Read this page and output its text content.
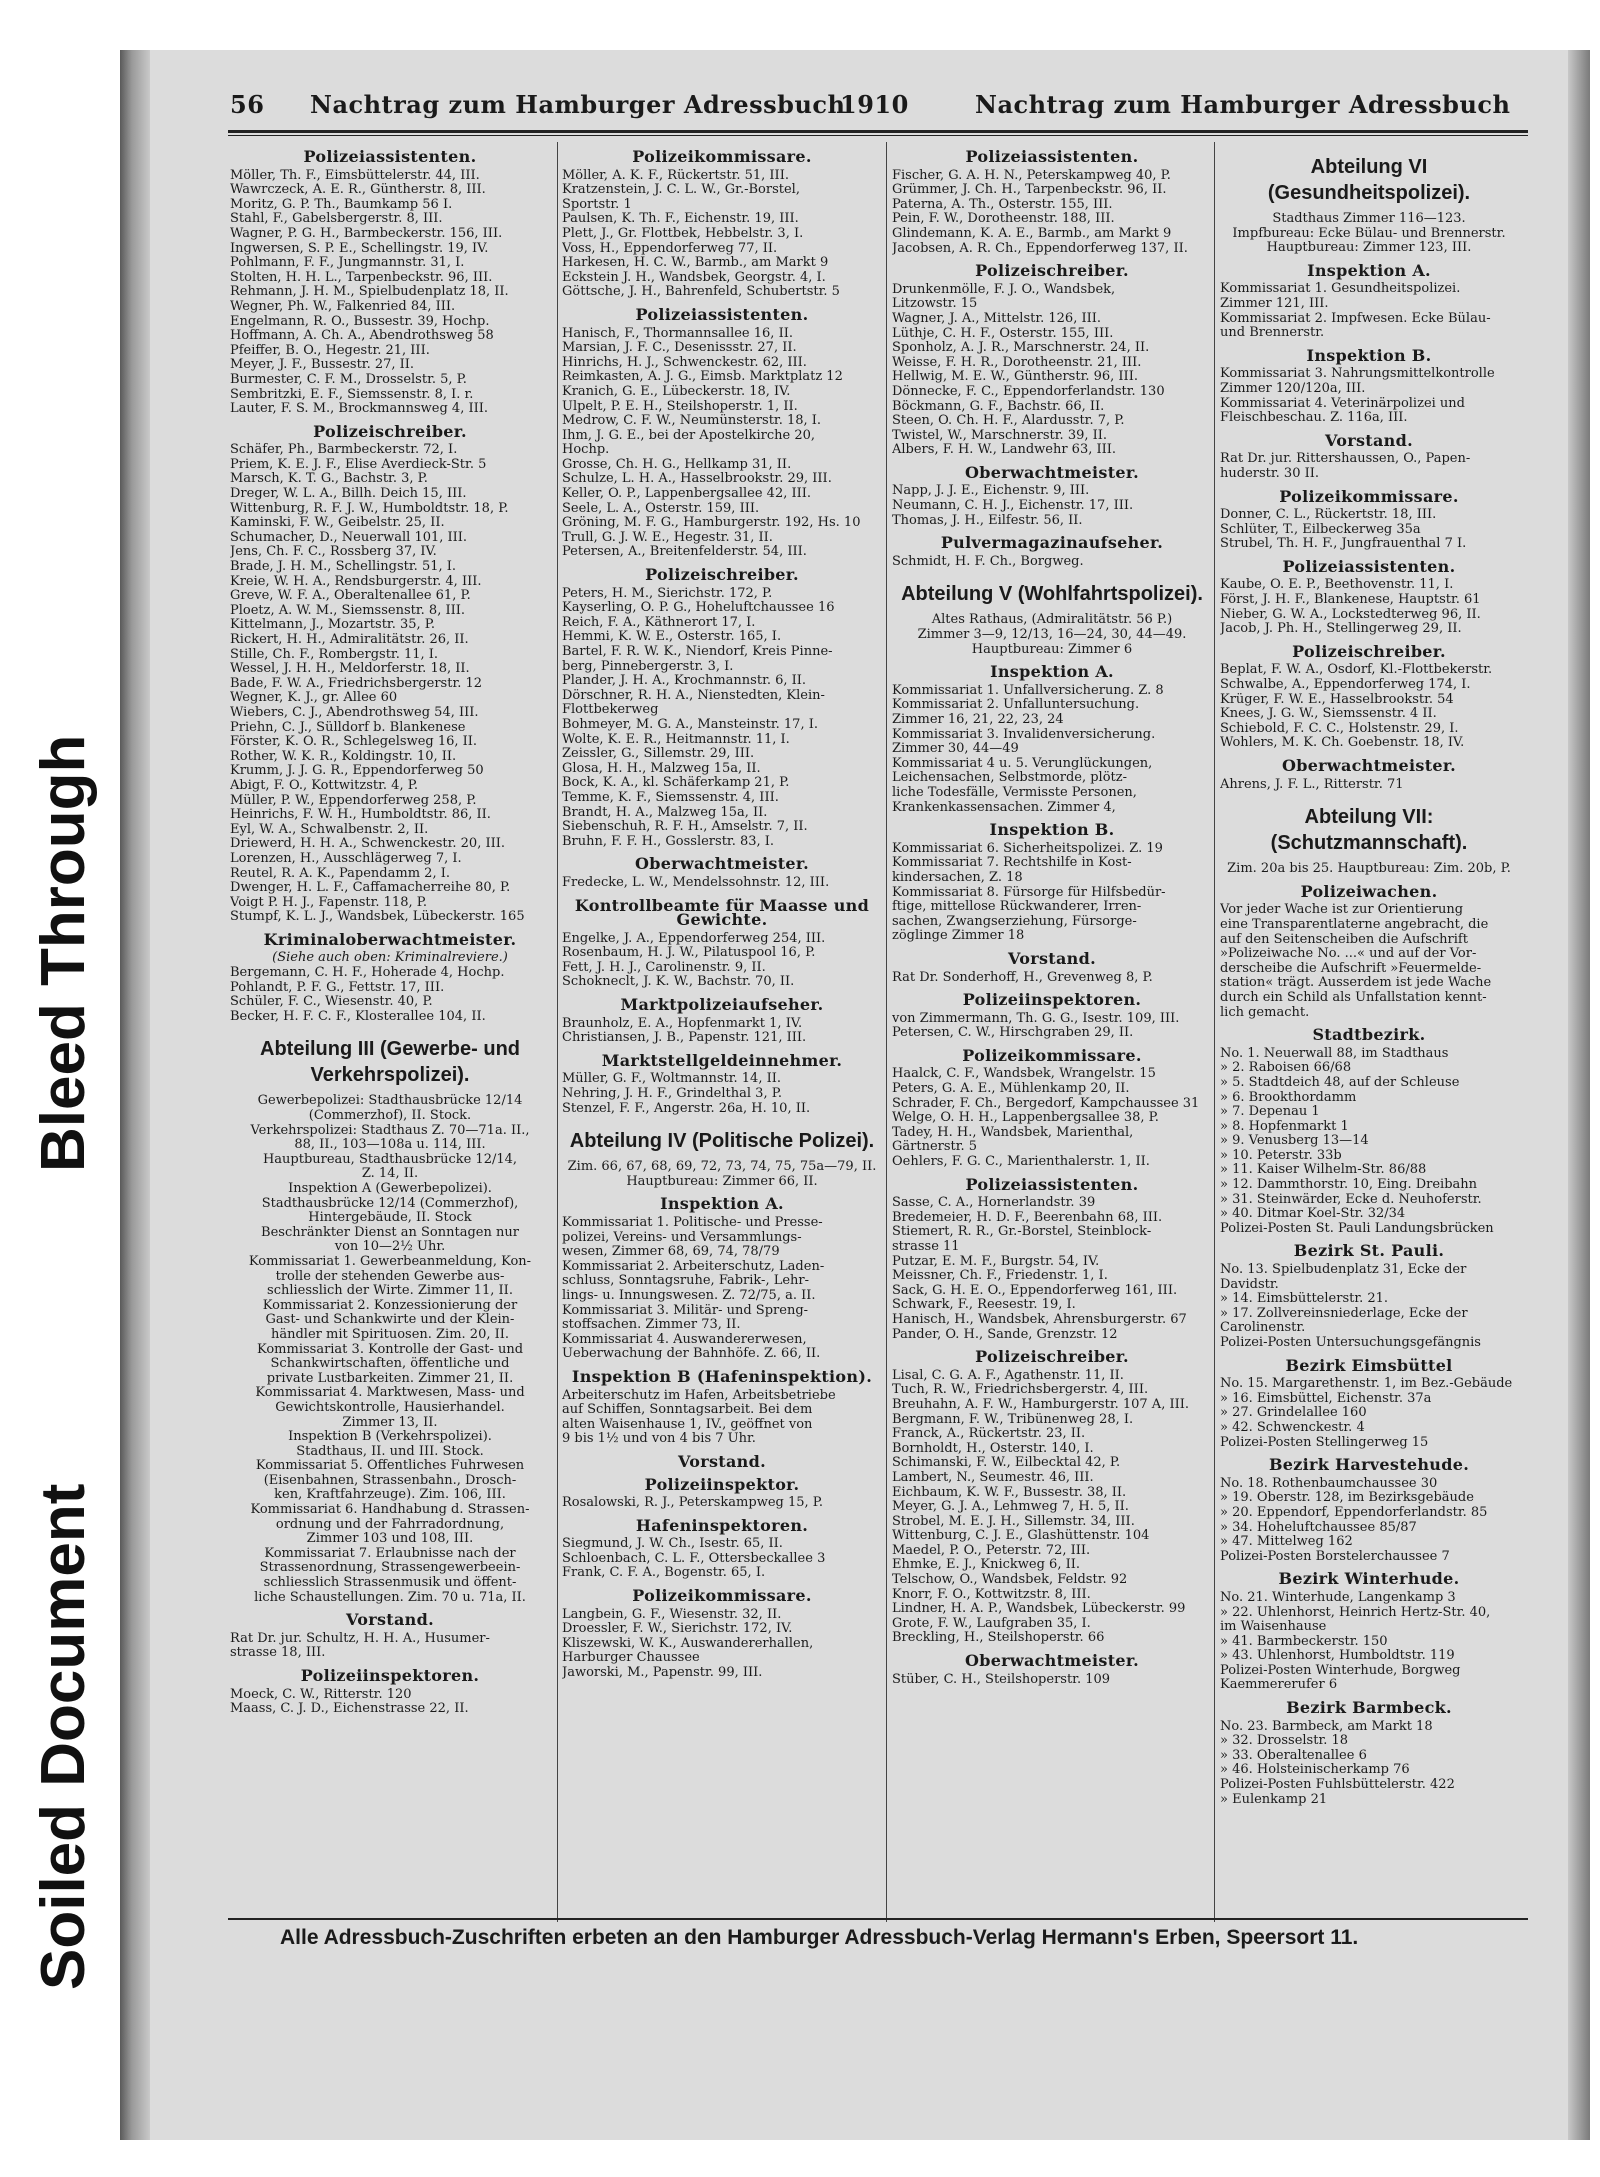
Soiled Document
Bleed Through
56 Nachtrag zum Hamburger Adressbuch
1910	Nachtrag zum Hamburger Adressbuch
Polizeiassistenten.
Möller, Th. F., Eimsbüttelerstr. 44, III.
Wawrczeck, A. E. R., Güntherstr. 8, III.
Moritz, G. P. Th., Baumkamp 56 I.
Stahl, F., Gabelsbergerstr. 8, III.
Wagner, P. G. H., Barmbeckerstr. 156, III.
Ingwersen, S. P. E., Schellingstr. 19, IV.
Pohlmann, F. F., Jungmannstr. 31, I.
Stolten, H. H. L., Tarpenbeckstr. 96, III.
Rehmann, J. H. M., Spielbudenplatz 18, II.
Wegner, Ph. W., Falkenried 84, III.
Engelmann, R. O., Bussestr. 39, Hochp.
Hoffmann, A. Ch. A., Abendrothsweg 58
Pfeiffer, B. O., Hegestr. 21, III.
Meyer, J. F., Bussestr. 27, II.
Burmester, C. F. M., Drosselstr. 5, P.
Sembritzki, E. F., Siemssenstr. 8, I. r.
Lauter, F. S. M., Brockmannsweg 4, III.
Polizeischreiber.
Schäfer, Ph., Barmbeckerstr. 72, I.
Priem, K. E. J. F., Elise Averdieck-Str. 5
Marsch, K. T. G., Bachstr. 3, P.
Dreger, W. L. A., Billh. Deich 15, III.
Wittenburg, R. F. J. W., Humboldtstr. 18, P.
Kaminski, F. W., Geibelstr. 25, II.
Schumacher, D., Neuerwall 101, III.
Jens, Ch. F. C., Rossberg 37, IV.
Brade, J. H. M., Schellingstr. 51, I.
Kreie, W. H. A., Rendsburgerstr. 4, III.
Greve, W. F. A., Oberaltenallee 61, P.
Ploetz, A. W. M., Siemssenstr. 8, III.
Kittelmann, J., Mozartstr. 35, P.
Rickert, H. H., Admiralitätstr. 26, II.
Stille, Ch. F., Rombergstr. 11, I.
Wessel, J. H. H., Meldorferstr. 18, II.
Bade, F. W. A., Friedrichsbergerstr. 12
Wegner, K. J., gr. Allee 60
Wiebers, C. J., Abendrothsweg 54, III.
Priehn, C. J., Sülldorf b. Blankenese
Förster, K. O. R., Schlegelsweg 16, II.
Rother, W. K. R., Koldingstr. 10, II.
Krumm, J. J. G. R., Eppendorferweg 50
Abigt, F. O., Kottwitzstr. 4, P.
Müller, P. W., Eppendorferweg 258, P.
Heinrichs, F. W. H., Humboldtstr. 86, II.
Eyl, W. A., Schwalbenstr. 2, II.
Driewerd, H. H. A., Schwenckestr. 20, III.
Lorenzen, H., Ausschlägerweg 7, I.
Reutel, R. A. K., Papendamm 2, I.
Dwenger, H. L. F., Caffamacherreihe 80, P.
Voigt P. H. J., Fapenstr. 118, P.
Stumpf, K. L. J., Wandsbek, Lübeckerstr. 165
Kriminaloberwachtmeister.
(Siehe auch oben: Kriminalreviere.)
Bergemann, C. H. F., Hoherade 4, Hochp.
Pohlandt, P. F. G., Fettstr. 17, III.
Schüler, F. C., Wiesenstr. 40, P.
Becker, H. F. C. F., Klosterallee 104, II.
Abteilung III (Gewerbe- und Verkehrspolizei).
Gewerbepolizei: Stadthausbrücke 12/14
(Commerzhof), II. Stock.
Verkehrspolizei: Stadthaus Z. 70—71a. II.,
88, II., 103—108a u. 114, III.
Hauptbureau, Stadthausbrücke 12/14,
Z. 14, II.
Inspektion A (Gewerbepolizei).
Stadthausbrücke 12/14 (Commerzhof),
Hintergebäude, II. Stock
Beschränkter Dienst an Sonntagen nur
von 10—2½ Uhr.
Kommissariat 1. Gewerbeanmeldung, Kon-
trolle der stehenden Gewerbe aus-
schliesslich der Wirte. Zimmer 11, II.
Kommissariat 2. Konzessionierung der
Gast- und Schankwirte und der Klein-
händler mit Spirituosen. Zim. 20, II.
Kommissariat 3. Kontrolle der Gast- und
Schankwirtschaften, öffentliche und
private Lustbarkeiten. Zimmer 21, II.
Kommissariat 4. Marktwesen, Mass- und
Gewichtskontrolle, Hausierhandel.
Zimmer 13, II.
Inspektion B (Verkehrspolizei).
Stadthaus, II. und III. Stock.
Kommissariat 5. Öffentliches Fuhrwesen
(Eisenbahnen, Strassenbahn., Drosch-
ken, Kraftfahrzeuge). Zim. 106, III.
Kommissariat 6. Handhabung d. Strassen-
ordnung und der Fahrradordnung,
Zimmer 103 und 108, III.
Kommissariat 7. Erlaubnisse nach der
Strassenordnung, Strassengewerbeein-
schliesslich Strassenmusik und öffent-
liche Schaustellungen. Zim. 70 u. 71a, II.
Vorstand.
Rat Dr. jur. Schultz, H. H. A., Husumer-
strasse 18, III.
Polizeiinspektoren.
Moeck, C. W., Ritterstr. 120
Maass, C. J. D., Eichenstrasse 22, II.
Polizeikommissare.
Möller, A. K. F., Rückertstr. 51, III.
Kratzenstein, J. C. L. W., Gr.-Borstel,
Sportstr. 1
Paulsen, K. Th. F., Eichenstr. 19, III.
Plett, J., Gr. Flottbek, Hebbelstr. 3, I.
Voss, H., Eppendorferweg 77, II.
Harkesen, H. C. W., Barmb., am Markt 9
Eckstein J. H., Wandsbek, Georgstr. 4, I.
Göttsche, J. H., Bahrenfeld, Schubertstr. 5
Polizeiassistenten.
Hanisch, F., Thormannsallee 16, II.
Marsian, J. F. C., Desenissstr. 27, II.
Hinrichs, H. J., Schwenckestr. 62, III.
Reimkasten, A. J. G., Eimsb. Marktplatz 12
Kranich, G. E., Lübeckerstr. 18, IV.
Ulpelt, P. E. H., Steilshoperstr. 1, II.
Medrow, C. F. W., Neumünsterstr. 18, I.
Ihm, J. G. E., bei der Apostelkirche 20,
Hochp.
Grosse, Ch. H. G., Hellkamp 31, II.
Schulze, L. H. A., Hasselbrookstr. 29, III.
Keller, O. P., Lappenbergsallee 42, III.
Seele, L. A., Osterstr. 159, III.
Gröning, M. F. G., Hamburgerstr. 192, Hs. 10
Trull, G. J. W. E., Hegestr. 31, II.
Petersen, A., Breitenfelderstr. 54, III.
Polizeischreiber.
Peters, H. M., Sierichstr. 172, P.
Kayserling, O. P. G., Hoheluftchaussee 16
Reich, F. A., Käthnerort 17, I.
Hemmi, K. W. E., Osterstr. 165, I.
Bartel, F. R. W. K., Niendorf, Kreis Pinne-
berg, Pinnebergerstr. 3, I.
Plander, J. H. A., Krochmannstr. 6, II.
Dörschner, R. H. A., Nienstedten, Klein-
Flottbekerweg
Bohmeyer, M. G. A., Mansteinstr. 17, I.
Wolte, K. E. R., Heitmannstr. 11, I.
Zeissler, G., Sillemstr. 29, III.
Glosa, H. H., Malzweg 15a, II.
Bock, K. A., kl. Schäferkamp 21, P.
Temme, K. F., Siemssenstr. 4, III.
Brandt, H. A., Malzweg 15a, II.
Siebenschuh, R. F. H., Amselstr. 7, II.
Bruhn, F. F. H., Gosslerstr. 83, I.
Oberwachtmeister.
Fredecke, L. W., Mendelssohnstr. 12, III.
Kontrollbeamte für Maasse und Gewichte.
Engelke, J. A., Eppendorferweg 254, III.
Rosenbaum, H. J. W., Pilatuspool 16, P.
Fett, J. H. J., Carolinenstr. 9, II.
Schokneclt, J. K. W., Bachstr. 70, II.
Marktpolizeiaufseher.
Braunholz, E. A., Hopfenmarkt 1, IV.
Christiansen, J. B., Papenstr. 121, III.
Marktstellgeldeinnehmer.
Müller, G. F., Woltmannstr. 14, II.
Nehring, J. H. F., Grindelthal 3, P.
Stenzel, F. F., Angerstr. 26a, H. 10, II.
Abteilung IV (Politische Polizei).
Zim. 66, 67, 68, 69, 72, 73, 74, 75, 75a—79, II.
Hauptbureau: Zimmer 66, II.
Inspektion A.
Kommissariat 1. Politische- und Presse-
polizei, Vereins- und Versammlungs-
wesen, Zimmer 68, 69, 74, 78/79
Kommissariat 2. Arbeiterschutz, Laden-
schluss, Sonntagsruhe, Fabrik-, Lehr-
lings- u. Innungswesen. Z. 72/75, a. II.
Kommissariat 3. Militär- und Spreng-
stoffsachen. Zimmer 73, II.
Kommissariat 4. Auswandererwesen,
Ueberwachung der Bahnhöfe. Z. 66, II.
Inspektion B (Hafeninspektion).
Arbeiterschutz im Hafen, Arbeitsbetriebe
auf Schiffen, Sonntagsarbeit. Bei dem
alten Waisenhause 1, IV., geöffnet von
9 bis 1½ und von 4 bis 7 Uhr.
Vorstand.
Polizeiinspektor.
Rosalowski, R. J., Peterskampweg 15, P.
Hafeninspektoren.
Siegmund, J. W. Ch., Isestr. 65, II.
Schloenbach, C. L. F., Ottersbeckallee 3
Frank, C. F. A., Bogenstr. 65, I.
Polizeikommissare.
Langbein, G. F., Wiesenstr. 32, II.
Droessler, F. W., Sierichstr. 172, IV.
Kliszewski, W. K., Auswandererhallen,
Harburger Chaussee
Jaworski, M., Papenstr. 99, III.
Polizeiassistenten.
Fischer, G. A. H. N., Peterskampweg 40, P.
Grümmer, J. Ch. H., Tarpenbeckstr. 96, II.
Paterna, A. Th., Osterstr. 155, III.
Pein, F. W., Dorotheenstr. 188, III.
Glindemann, K. A. E., Barmb., am Markt 9
Jacobsen, A. R. Ch., Eppendorferweg 137, II.
Polizeischreiber.
Drunkenmölle, F. J. O., Wandsbek,
Litzowstr. 15
Wagner, J. A., Mittelstr. 126, III.
Lüthje, C. H. F., Osterstr. 155, III.
Sponholz, A. J. R., Marschnerstr. 24, II.
Weisse, F. H. R., Dorotheenstr. 21, III.
Hellwig, M. E. W., Güntherstr. 96, III.
Dönnecke, F. C., Eppendorferlandstr. 130
Böckmann, G. F., Bachstr. 66, II.
Steen, O. Ch. H. F., Alardusstr. 7, P.
Twistel, W., Marschnerstr. 39, II.
Albers, F. H. W., Landwehr 63, III.
Oberwachtmeister.
Napp, J. J. E., Eichenstr. 9, III.
Neumann, C. H. J., Eichenstr. 17, III.
Thomas, J. H., Eilfestr. 56, II.
Pulvermagazinaufseher.
Schmidt, H. F. Ch., Borgweg.
Abteilung V (Wohlfahrtspolizei).
Altes Rathaus, (Admiralitätstr. 56 P.)
Zimmer 3—9, 12/13, 16—24, 30, 44—49.
Hauptbureau: Zimmer 6
Inspektion A.
Kommissariat 1. Unfallversicherung. Z. 8
Kommissariat 2. Unfalluntersuchung.
Zimmer 16, 21, 22, 23, 24
Kommissariat 3. Invalidenversicherung.
Zimmer 30, 44—49
Kommissariat 4 u. 5. Verunglückungen,
Leichensachen, Selbstmorde, plötz-
liche Todesfälle, Vermisste Personen,
Krankenkassensachen. Zimmer 4,
Inspektion B.
Kommissariat 6. Sicherheitspolizei. Z. 19
Kommissariat 7. Rechtshilfe in Kost-
kindersachen, Z. 18
Kommissariat 8. Fürsorge für Hilfsbedür-
ftige, mittellose Rückwanderer, Irren-
sachen, Zwangserziehung, Fürsorge-
zöglinge Zimmer 18
Vorstand.
Rat Dr. Sonderhoff, H., Grevenweg 8, P.
Polizeiinspektoren.
von Zimmermann, Th. G. G., Isestr. 109, III.
Petersen, C. W., Hirschgraben 29, II.
Polizeikommissare.
Haalck, C. F., Wandsbek, Wrangelstr. 15
Peters, G. A. E., Mühlenkamp 20, II.
Schrader, F. Ch., Bergedorf, Kampchaussee 31
Welge, O. H. H., Lappenbergsallee 38, P.
Tadey, H. H., Wandsbek, Marienthal,
Gärtnerstr. 5
Oehlers, F. G. C., Marienthalerstr. 1, II.
Polizeiassistenten.
Sasse, C. A., Hornerlandstr. 39
Bredemeier, H. D. F., Beerenbahn 68, III.
Stiemert, R. R., Gr.-Borstel, Steinblock-
strasse 11
Putzar, E. M. F., Burgstr. 54, IV.
Meissner, Ch. F., Friedenstr. 1, I.
Sack, G. H. E. O., Eppendorferweg 161, III.
Schwark, F., Reesestr. 19, I.
Hanisch, H., Wandsbek, Ahrensburgerstr. 67
Pander, O. H., Sande, Grenzstr. 12
Polizeischreiber.
Lisal, C. G. A. F., Agathenstr. 11, II.
Tuch, R. W., Friedrichsbergerstr. 4, III.
Breuhahn, A. F. W., Hamburgerstr. 107 A, III.
Bergmann, F. W., Tribünenweg 28, I.
Franck, A., Rückertstr. 23, II.
Bornholdt, H., Osterstr. 140, I.
Schimanski, F. W., Eilbecktal 42, P.
Lambert, N., Seumestr. 46, III.
Eichbaum, K. W. F., Bussestr. 38, II.
Meyer, G. J. A., Lehmweg 7, H. 5, II.
Strobel, M. E. J. H., Sillemstr. 34, III.
Wittenburg, C. J. E., Glashüttenstr. 104
Maedel, P. O., Peterstr. 72, III.
Ehmke, E. J., Knickweg 6, II.
Telschow, O., Wandsbek, Feldstr. 92
Knorr, F. O., Kottwitzstr. 8, III.
Lindner, H. A. P., Wandsbek, Lübeckerstr. 99
Grote, F. W., Laufgraben 35, I.
Breckling, H., Steilshoperstr. 66
Oberwachtmeister.
Stüber, C. H., Steilshoperstr. 109
Abteilung VI (Gesundheitspolizei).
Stadthaus Zimmer 116—123.
Impfbureau: Ecke Bülau- und Brennerstr.
Hauptbureau: Zimmer 123, III.
Inspektion A.
Kommissariat 1. Gesundheitspolizei.
Zimmer 121, III.
Kommissariat 2. Impfwesen. Ecke Bülau-
und Brennerstr.
Inspektion B.
Kommissariat 3. Nahrungsmittelkontrolle
Zimmer 120/120a, III.
Kommissariat 4. Veterinärpolizei und
Fleischbeschau. Z. 116a, III.
Vorstand.
Rat Dr. jur. Rittershaussen, O., Papen-
huderstr. 30 II.
Polizeikommissare.
Donner, C. L., Rückertstr. 18, III.
Schlüter, T., Eilbeckerweg 35a
Strubel, Th. H. F., Jungfrauenthal 7 I.
Polizeiassistenten.
Kaube, O. E. P., Beethovenstr. 11, I.
Först, J. H. F., Blankenese, Hauptstr. 61
Nieber, G. W. A., Lockstedterweg 96, II.
Jacob, J. Ph. H., Stellingerweg 29, II.
Polizeischreiber.
Beplat, F. W. A., Osdorf, Kl.-Flottbekerstr.
Schwalbe, A., Eppendorferweg 174, I.
Krüger, F. W. E., Hasselbrookstr. 54
Knees, J. G. W., Siemssenstr. 4 II.
Schiebold, F. C. C., Holstenstr. 29, I.
Wohlers, M. K. Ch. Goebenstr. 18, IV.
Oberwachtmeister.
Ahrens, J. F. L., Ritterstr. 71
Abteilung VII: (Schutzmannschaft).
Zim. 20a bis 25. Hauptbureau: Zim. 20b, P.
Polizeiwachen.
Vor jeder Wache ist zur Orientierung
eine Transparentlaterne angebracht, die
auf den Seitenscheiben die Aufschrift
»Polizeiwache No. ...« und auf der Vor-
derscheibe die Aufschrift »Feuermelde-
station« trägt. Ausserdem ist jede Wache
durch ein Schild als Unfallstation kennt-
lich gemacht.
Stadtbezirk.
No. 1. Neuerwall 88, im Stadthaus
» 2. Raboisen 66/68
» 5. Stadtdeich 48, auf der Schleuse
» 6. Brookthordamm
» 7. Depenau 1
» 8. Hopfenmarkt 1
» 9. Venusberg 13—14
» 10. Peterstr. 33b
» 11. Kaiser Wilhelm-Str. 86/88
» 12. Dammthorstr. 10, Eing. Dreibahn
» 31. Steinwärder, Ecke d. Neuhoferstr.
» 40. Ditmar Koel-Str. 32/34
Polizei-Posten St. Pauli Landungsbrücken
Bezirk St. Pauli.
No. 13. Spielbudenplatz 31, Ecke der
Davidstr.
» 14. Eimsbüttelerstr. 21.
» 17. Zollvereinsniederlage, Ecke der
Carolinenstr.
Polizei-Posten Untersuchungsgefängnis
Bezirk Eimsbüttel
No. 15. Margarethenstr. 1, im Bez.-Gebäude
» 16. Eimsbüttel, Eichenstr. 37a
» 27. Grindelallee 160
» 42. Schwenckestr. 4
Polizei-Posten Stellingerweg 15
Bezirk Harvestehude.
No. 18. Rothenbaumchaussee 30
» 19. Oberstr. 128, im Bezirksgebäude
» 20. Eppendorf, Eppendorferlandstr. 85
» 34. Hoheluftchaussee 85/87
» 47. Mittelweg 162
Polizei-Posten Borstelerchaussee 7
Bezirk Winterhude.
No. 21. Winterhude, Langenkamp 3
» 22. Uhlenhorst, Heinrich Hertz-Str. 40,
im Waisenhause
» 41. Barmbeckerstr. 150
» 43. Uhlenhorst, Humboldtstr. 119
Polizei-Posten Winterhude, Borgweg
Kaemmererufer 6
Bezirk Barmbeck.
No. 23. Barmbeck, am Markt 18
» 32. Drosselstr. 18
» 33. Oberaltenallee 6
» 46. Holsteinischerkamp 76
Polizei-Posten Fuhlsbüttelerstr. 422
» Eulenkamp 21
Alle Adressbuch-Zuschriften erbeten an den Hamburger Adressbuch-Verlag Hermann's Erben, Speersort 11.
